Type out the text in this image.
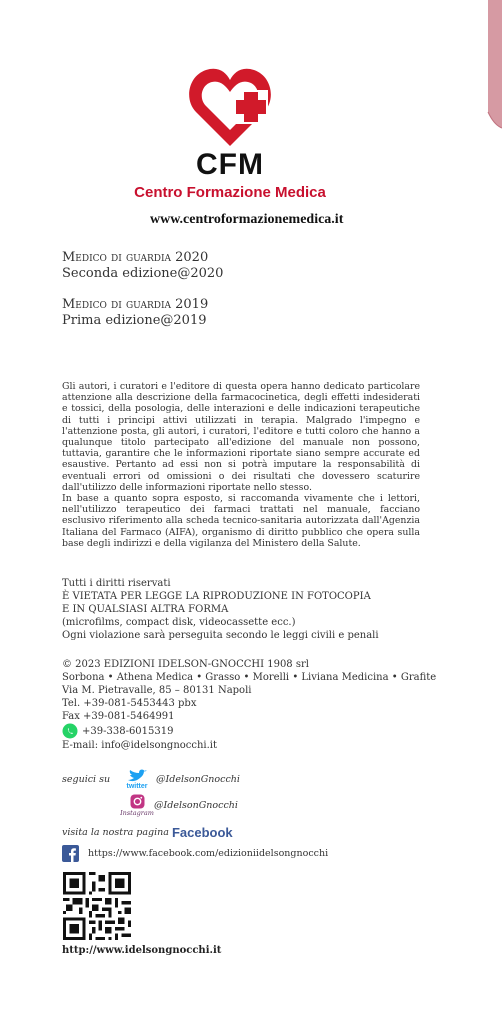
CFM
Centro Formazione Medica
www.centroformazionemedica.it
Medico di guardia 2020
Seconda edizione@2020
Medico di guardia 2019
Prima edizione@2019
Gli autori, i curatori e l'editore di questa opera hanno dedicato particolare attenzione alla descrizione della farmacocinetica, degli effetti indesiderati e tossici, della posologia, delle interazioni e delle indicazioni terapeutiche di tutti i principi attivi utilizzati in terapia. Malgrado l'impegno e l'attenzione posta, gli autori, i curatori, l'editore e tutti coloro che hanno a qualunque titolo partecipato all'edizione del manuale non possono, tuttavia, garantire che le informazioni riportate siano sempre accurate ed esaustive. Pertanto ad essi non si potrà imputare la responsabilità di eventuali errori od omissioni o dei risultati che dovessero scaturire dall'utilizzo delle informazioni riportate nello stesso.
In base a quanto sopra esposto, si raccomanda vivamente che i lettori, nell'utilizzo terapeutico dei farmaci trattati nel manuale, facciano esclusivo riferimento alla scheda tecnico-sanitaria autorizzata dall'Agenzia Italiana del Farmaco (AIFA), organismo di diritto pubblico che opera sulla base degli indirizzi e della vigilanza del Ministero della Salute.
Tutti i diritti riservati
È VIETATA PER LEGGE LA RIPRODUZIONE IN FOTOCOPIA
E IN QUALSIASI ALTRA FORMA
(microfilms, compact disk, videocassette ecc.)
Ogni violazione sarà perseguita secondo le leggi civili e penali
© 2023 EDIZIONI IDELSON-GNOCCHI 1908 srl
Sorbona • Athena Medica • Grasso • Morelli • Liviana Medicina • Grafite
Via M. Pietravalle, 85 – 80131 Napoli
Tel. +39-081-5453443 pbx
Fax +39-081-5464991
+39-338-6015319
E-mail: info@idelsongnocchi.it
seguici su
twitter
@IdelsonGnocchi
Instagram
@IdelsonGnocchi
visita la nostra pagina Facebook
https://www.facebook.com/edizioniidelsongnocchi
http://www.idelsongnocchi.it
